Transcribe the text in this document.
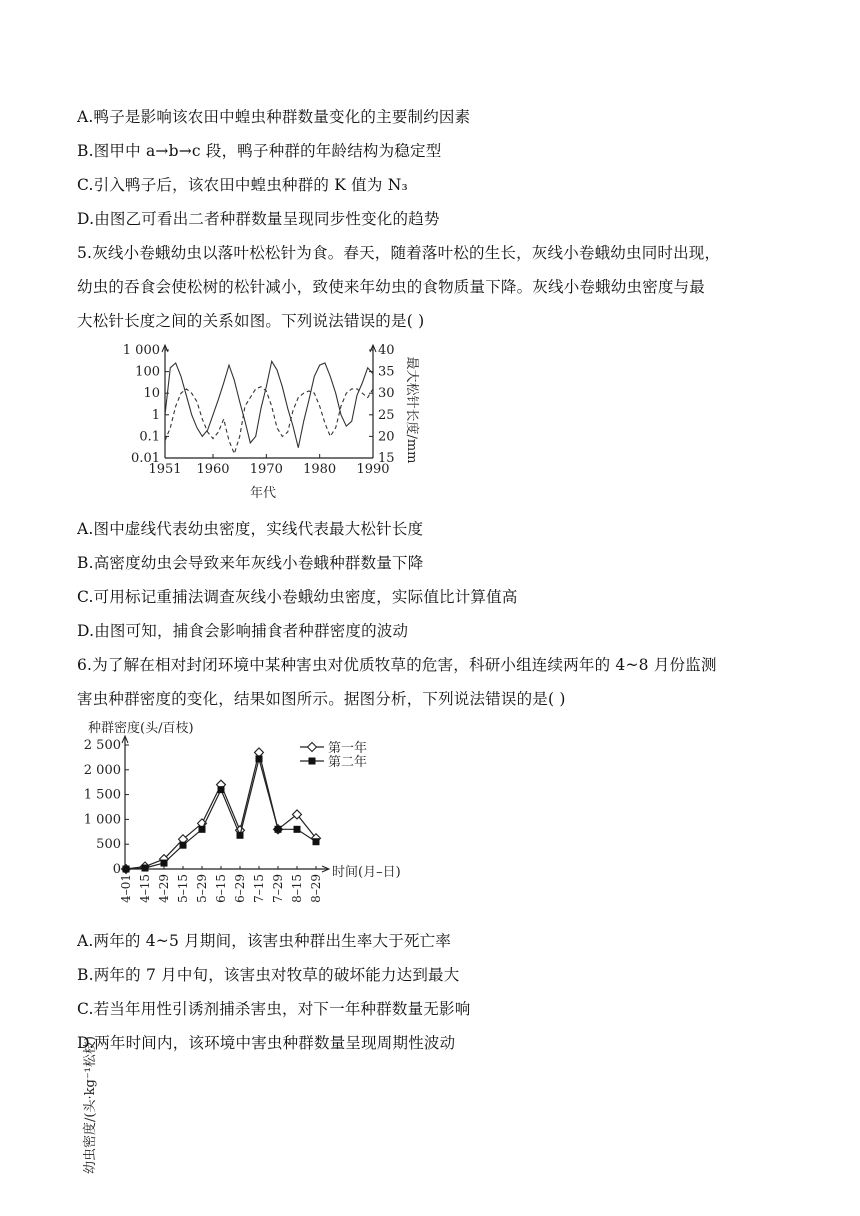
A.鸭子是影响该农田中蝗虫种群数量变化的主要制约因素
B.图甲中 a→b→c 段，鸭子种群的年龄结构为稳定型
C.引入鸭子后，该农田中蝗虫种群的 K 值为 N₃
D.由图乙可看出二者种群数量呈现同步性变化的趋势
5.灰线小卷蛾幼虫以落叶松松针为食。春天，随着落叶松的生长，灰线小卷蛾幼虫同时出现，
幼虫的吞食会使松树的松针减小，致使来年幼虫的食物质量下降。灰线小卷蛾幼虫密度与最
大松针长度之间的关系如图。下列说法错误的是( )
1 000
100
10
1
0.1
0.01
40
35
30
25
20
15
1951 1960 1970 1980 1990
幼虫密度/(头·kg⁻¹松枝)
最大松针长度/mm
年代
A.图中虚线代表幼虫密度，实线代表最大松针长度
B.高密度幼虫会导致来年灰线小卷蛾种群数量下降
C.可用标记重捕法调查灰线小卷蛾幼虫密度，实际值比计算值高
D.由图可知，捕食会影响捕食者种群密度的波动
6.为了解在相对封闭环境中某种害虫对优质牧草的危害，科研小组连续两年的 4~8 月份监测
害虫种群密度的变化，结果如图所示。据图分析，下列说法错误的是( )
种群密度(头/百枝)
2 500
2 000
1 500
1 000
500
0
4–01 4–15 4–29 5–15 5–29 6–15 6–29 7–15 7–29 8–15 8–29
第一年
第二年
时间(月–日)
A.两年的 4~5 月期间，该害虫种群出生率大于死亡率
B.两年的 7 月中旬，该害虫对牧草的破坏能力达到最大
C.若当年用性引诱剂捕杀害虫，对下一年种群数量无影响
D.两年时间内，该环境中害虫种群数量呈现周期性波动
